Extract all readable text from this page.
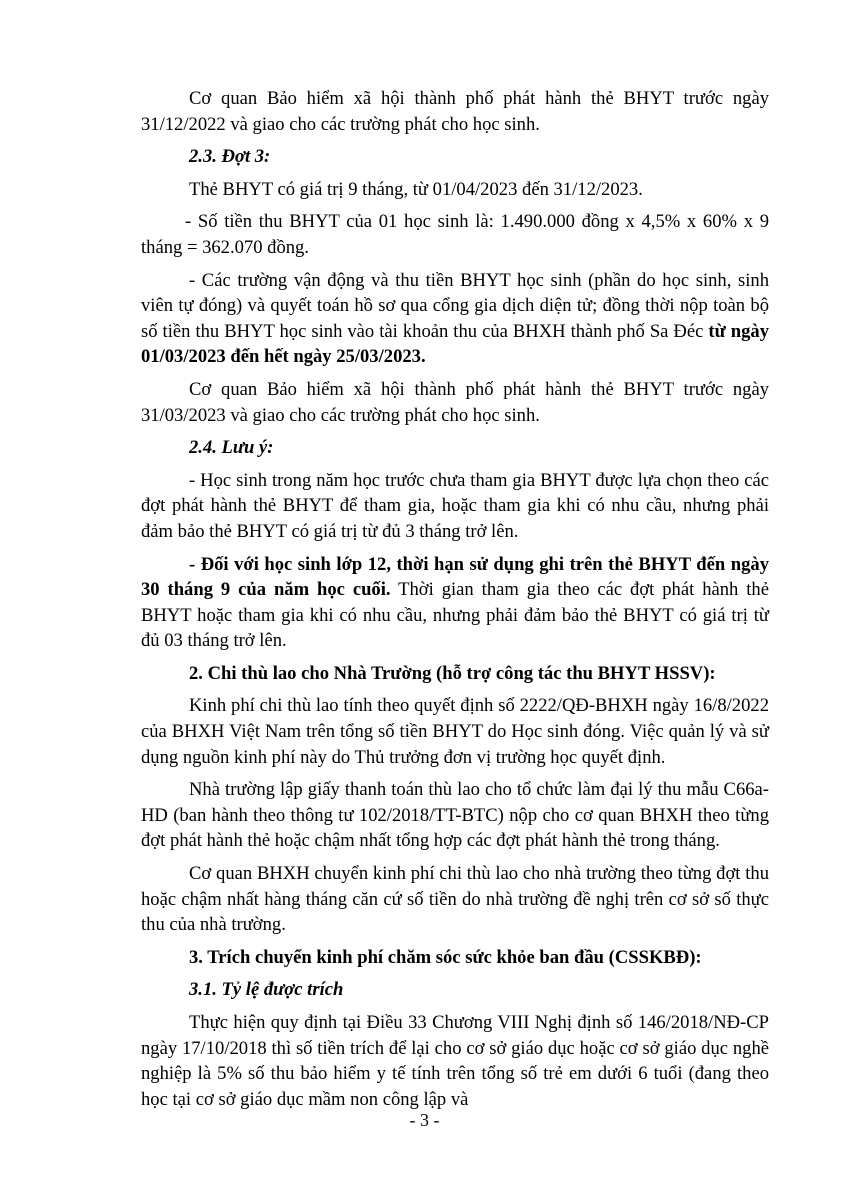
Cơ quan Bảo hiểm xã hội thành phố phát hành thẻ BHYT trước ngày 31/12/2022 và giao cho các trường phát cho học sinh.

2.3. Đợt 3:

Thẻ BHYT có giá trị 9 tháng, từ 01/04/2023 đến 31/12/2023.

- Số tiền thu BHYT của 01 học sinh là: 1.490.000 đồng x 4,5% x 60% x 9 tháng = 362.070 đồng.

- Các trường vận động và thu tiền BHYT học sinh (phần do học sinh, sinh viên tự đóng) và quyết toán hồ sơ qua cổng gia dịch diện tử; đồng thời nộp toàn bộ số tiền thu BHYT học sinh vào tài khoản thu của BHXH thành phố Sa Đéc từ ngày 01/03/2023 đến hết ngày 25/03/2023.

Cơ quan Bảo hiểm xã hội thành phố phát hành thẻ BHYT trước ngày 31/03/2023 và giao cho các trường phát cho học sinh.

2.4. Lưu ý:

- Học sinh trong năm học trước chưa tham gia BHYT được lựa chọn theo các đợt phát hành thẻ BHYT để tham gia, hoặc tham gia khi có nhu cầu, nhưng phải đảm bảo thẻ BHYT có giá trị từ đủ 3 tháng trở lên.

- Đối với học sinh lớp 12, thời hạn sử dụng ghi trên thẻ BHYT đến ngày 30 tháng 9 của năm học cuối. Thời gian tham gia theo các đợt phát hành thẻ BHYT hoặc tham gia khi có nhu cầu, nhưng phải đảm bảo thẻ BHYT có giá trị từ đủ 03 tháng trở lên.

2. Chi thù lao cho Nhà Trường (hỗ trợ công tác thu BHYT HSSV):

Kinh phí chi thù lao tính theo quyết định số 2222/QĐ-BHXH ngày 16/8/2022 của BHXH Việt Nam trên tổng số tiền BHYT do Học sinh đóng. Việc quản lý và sử dụng nguồn kinh phí này do Thủ trưởng đơn vị trường học quyết định.

Nhà trường lập giấy thanh toán thù lao cho tổ chức làm đại lý thu mẫu C66a-HD (ban hành theo thông tư 102/2018/TT-BTC) nộp cho cơ quan BHXH theo từng đợt phát hành thẻ hoặc chậm nhất tổng hợp các đợt phát hành thẻ trong tháng.

Cơ quan BHXH chuyển kinh phí chi thù lao cho nhà trường theo từng đợt thu hoặc chậm nhất hàng tháng căn cứ số tiền do nhà trường đề nghị trên cơ sở số thực thu của nhà trường.

3. Trích chuyển kinh phí chăm sóc sức khỏe ban đầu (CSSKBĐ):

3.1. Tỷ lệ được trích

Thực hiện quy định tại Điều 33 Chương VIII Nghị định số 146/2018/NĐ-CP ngày 17/10/2018 thì số tiền trích để lại cho cơ sở giáo dục hoặc cơ sở giáo dục nghề nghiệp là 5% số thu bảo hiểm y tế tính trên tổng số trẻ em dưới 6 tuổi (đang theo học tại cơ sở giáo dục mầm non công lập và

- 3 -
